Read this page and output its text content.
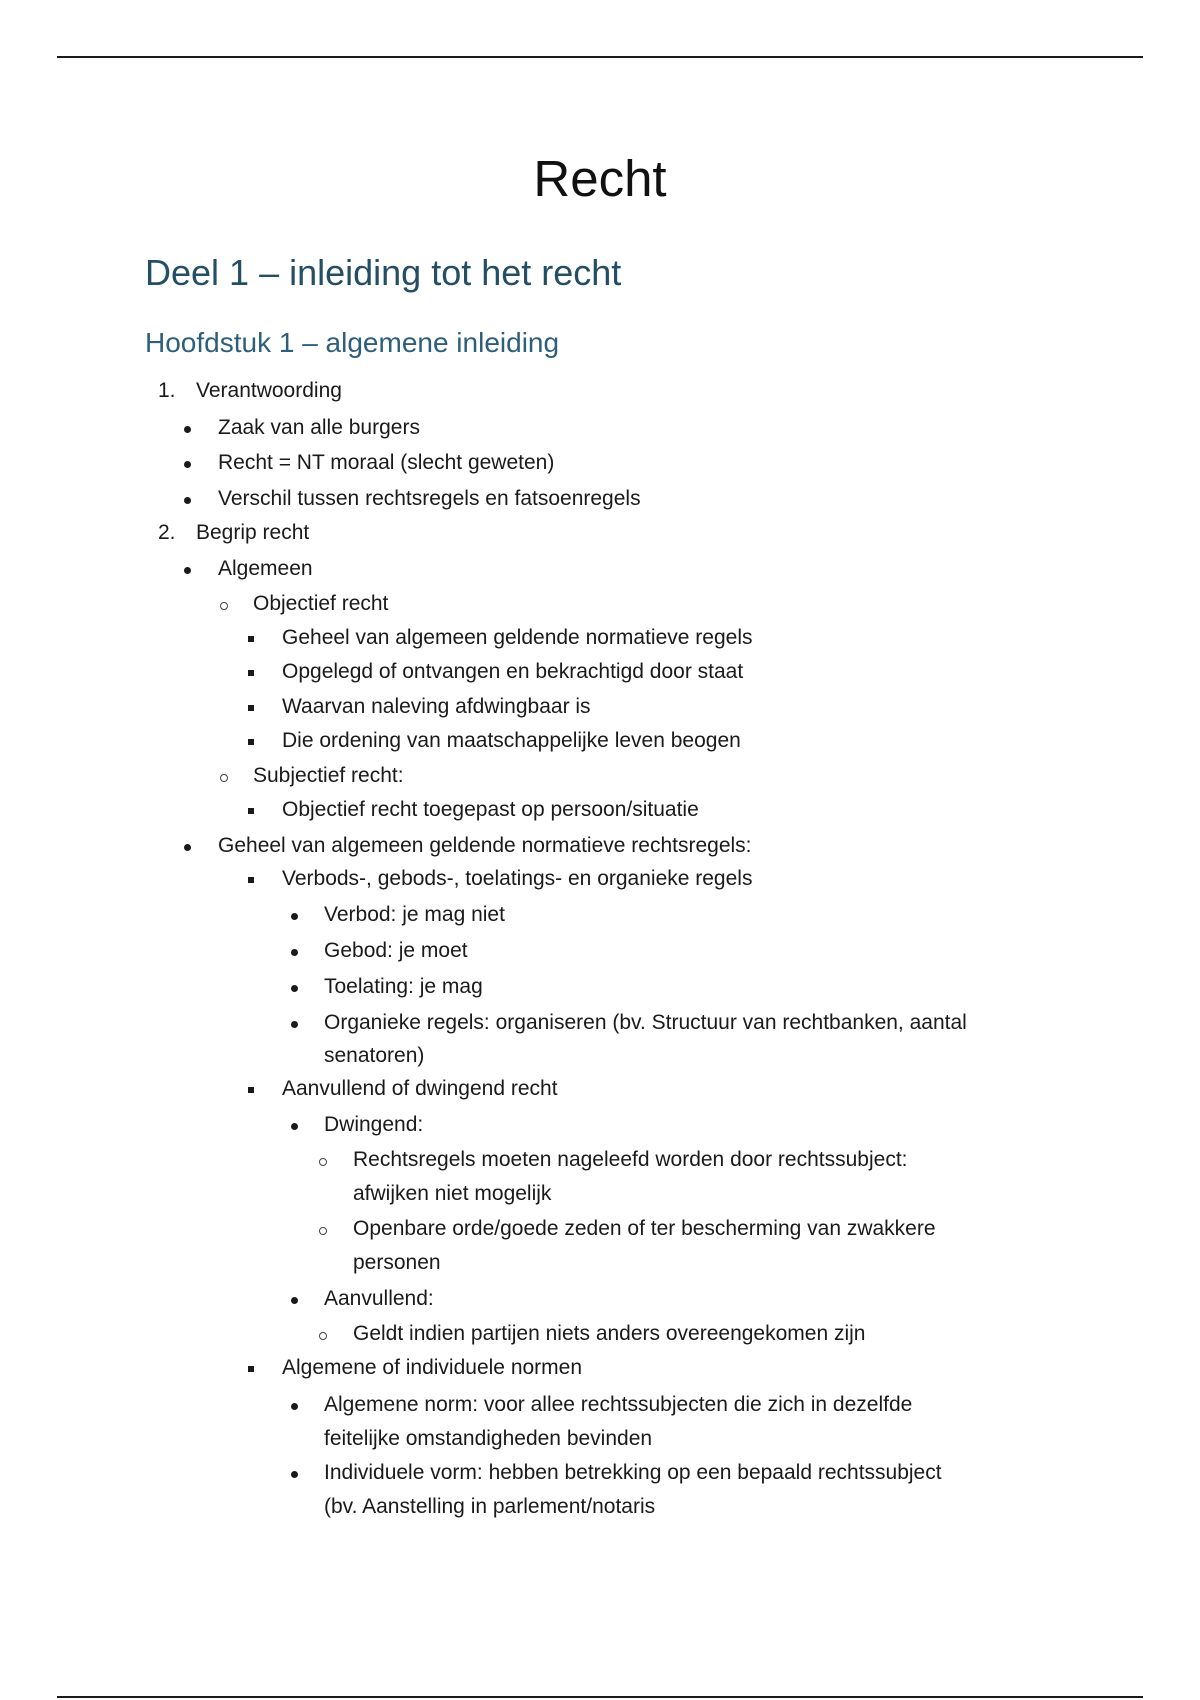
Recht
Deel 1 – inleiding tot het recht
Hoofdstuk 1 – algemene inleiding
1. Verantwoording
Zaak van alle burgers
Recht = NT moraal (slecht geweten)
Verschil tussen rechtsregels en fatsoenregels
2. Begrip recht
Algemeen
Objectief recht
Geheel van algemeen geldende normatieve regels
Opgelegd of ontvangen en bekrachtigd door staat
Waarvan naleving afdwingbaar is
Die ordening van maatschappelijke leven beogen
Subjectief recht:
Objectief recht toegepast op persoon/situatie
Geheel van algemeen geldende normatieve rechtsregels:
Verbods-, gebods-, toelatings- en organieke regels
Verbod: je mag niet
Gebod: je moet
Toelating: je mag
Organieke regels: organiseren (bv. Structuur van rechtbanken, aantal
senatoren)
Aanvullend of dwingend recht
Dwingend:
Rechtsregels moeten nageleefd worden door rechtssubject:
afwijken niet mogelijk
Openbare orde/goede zeden of ter bescherming van zwakkere
personen
Aanvullend:
Geldt indien partijen niets anders overeengekomen zijn
Algemene of individuele normen
Algemene norm: voor allee rechtssubjecten die zich in dezelfde
feitelijke omstandigheden bevinden
Individuele vorm: hebben betrekking op een bepaald rechtssubject
(bv. Aanstelling in parlement/notaris
